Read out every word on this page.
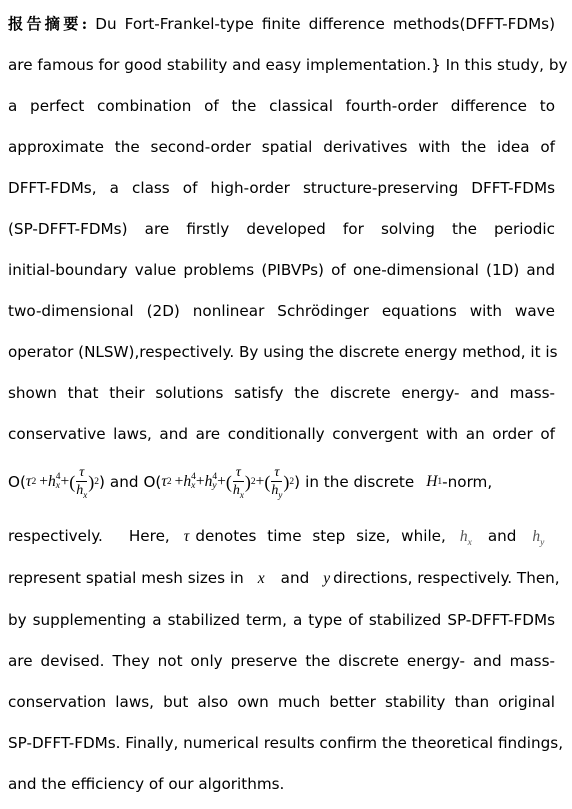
报告摘要: Du Fort-Frankel-type finite difference methods(DFFT-FDMs)
are famous for good stability and easy implementation.} In this study, by
a perfect combination of the classical fourth-order difference to
approximate the second-order spatial derivatives with the idea of
DFFT-FDMs, a class of high-order structure-preserving DFFT-FDMs
(SP-DFFT-FDMs) are firstly developed for solving the periodic
initial-boundary value problems (PIBVPs) of one-dimensional (1D) and
two-dimensional (2D) nonlinear Schrödinger equations with wave
operator (NLSW),respectively. By using the discrete energy method, it is
shown that their solutions satisfy the discrete energy- and mass-
conservative laws, and are conditionally convergent with an order of
O( τ 2 + h 4
x + ( $\frac{\tau}{h_x}$ ) 2 ) and O( τ 2 + h 4
x + h 4
y + ( $\frac{\tau}{h_x}$ ) 2 + ( $\frac{\tau}{h_y}$ ) 2 ) in the discrete H 1 -norm,
respectively. Here, τ denotes time step size, while, $h_x$ and $h_y$
represent spatial mesh sizes in x and y directions, respectively. Then,
by supplementing a stabilized term, a type of stabilized SP-DFFT-FDMs
are devised. They not only preserve the discrete energy- and mass-
conservation laws, but also own much better stability than original
SP-DFFT-FDMs. Finally, numerical results confirm the theoretical findings,
and the efficiency of our algorithms.
